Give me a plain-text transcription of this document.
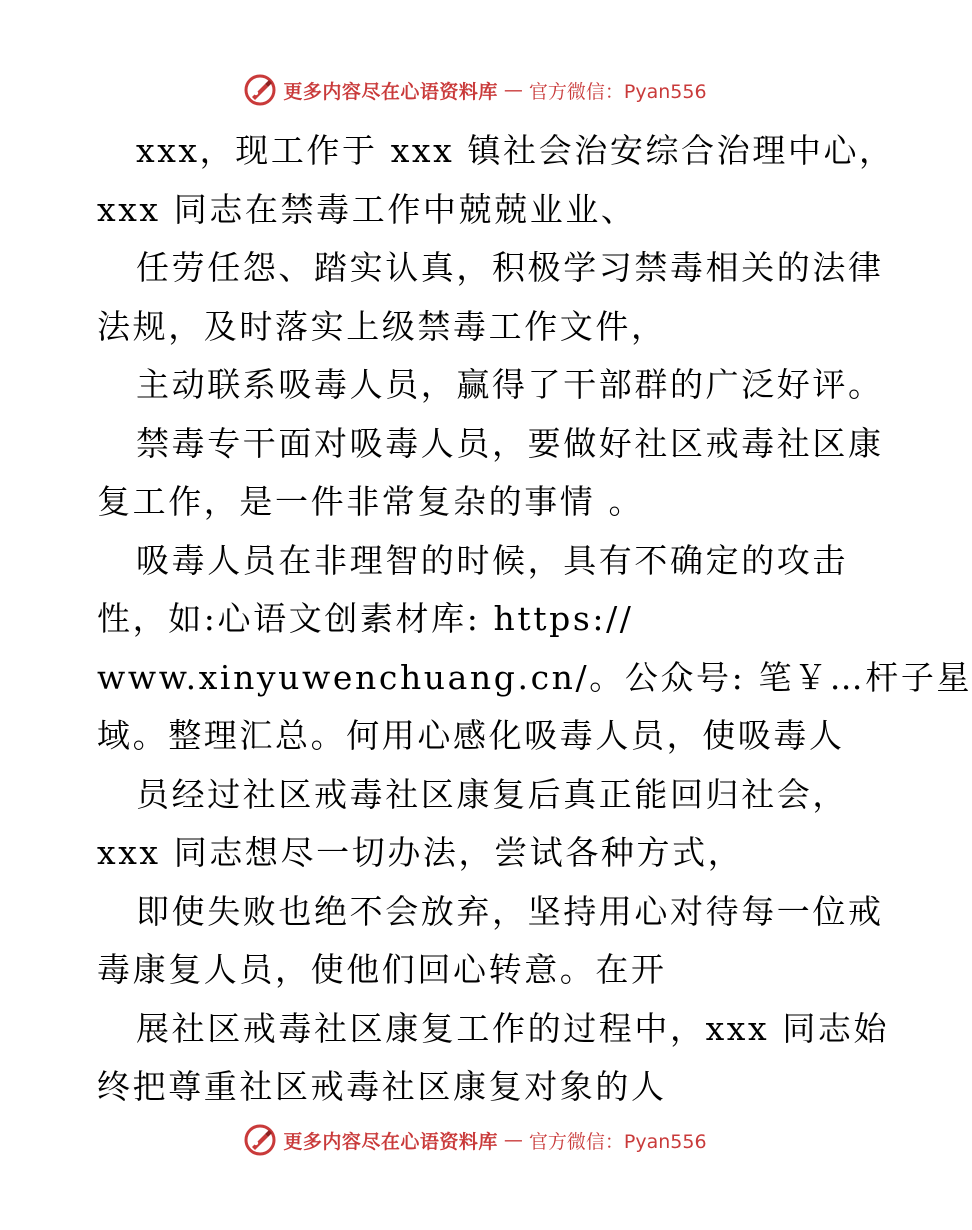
更多内容尽在心语资料库 — 官方微信：Pyan556
xxx，现工作于 xxx 镇社会治安综合治理中心，
xxx 同志在禁毒工作中兢兢业业、
任劳任怨、踏实认真，积极学习禁毒相关的法律
法规，及时落实上级禁毒工作文件，
主动联系吸毒人员，赢得了干部群的广泛好评。
禁毒专干面对吸毒人员，要做好社区戒毒社区康
复工作，是一件非常复杂的事情 。
吸毒人员在非理智的时候，具有不确定的攻击
性，如:心语文创素材库: https://
www.xinyuwenchuang.cn/。公众号: 笔￥…杆子星
域。整理汇总。何用心感化吸毒人员，使吸毒人
员经过社区戒毒社区康复后真正能回归社会，
xxx 同志想尽一切办法，尝试各种方式，
即使失败也绝不会放弃，坚持用心对待每一位戒
毒康复人员，使他们回心转意。在开
展社区戒毒社区康复工作的过程中，xxx 同志始
终把尊重社区戒毒社区康复对象的人
更多内容尽在心语资料库 — 官方微信：Pyan556
